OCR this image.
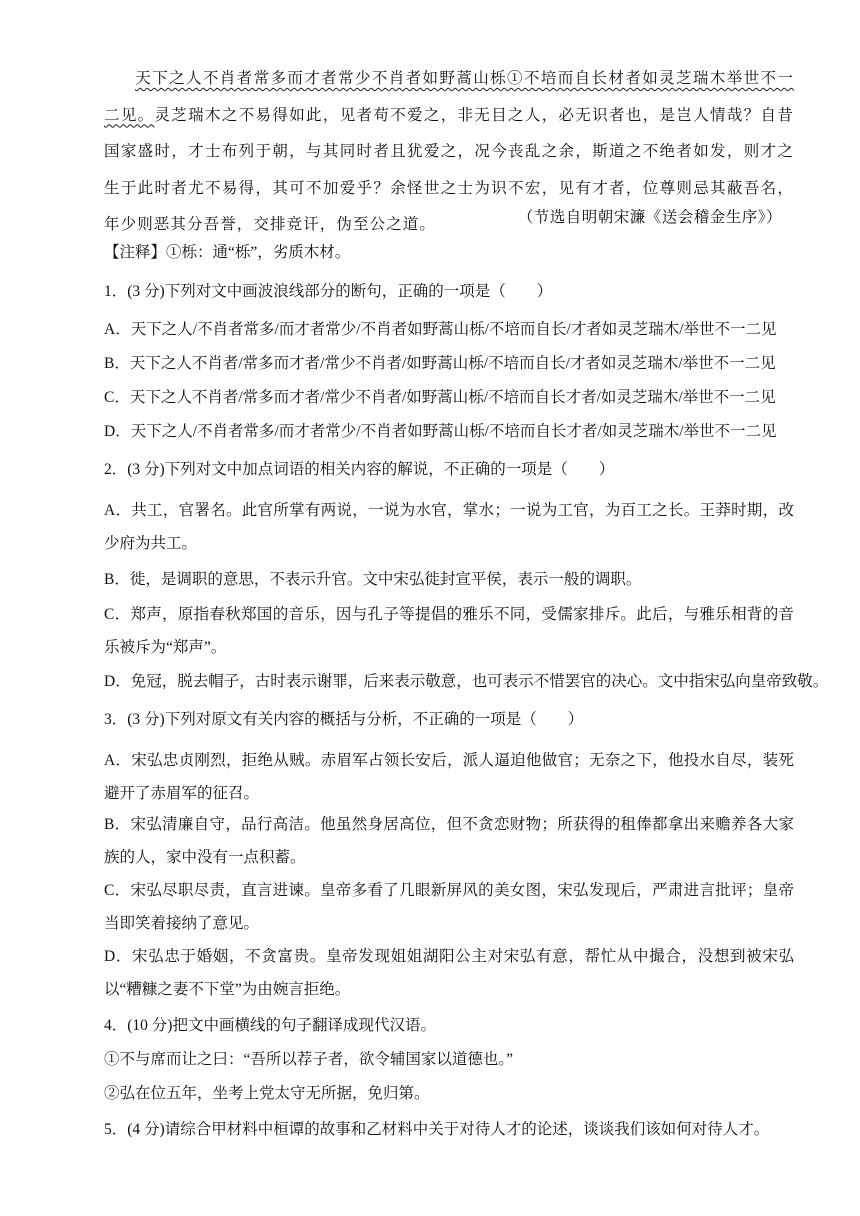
天下之人不肖者常多而才者常少不肖者如野蒿山栎①不培而自长材者如灵芝瑞木举世不一二见。灵芝瑞木之不易得如此，见者苟不爱之，非无目之人，必无识者也，是岂人情哉？自昔国家盛时，才士布列于朝，与其同时者且犹爱之，况今丧乱之余，斯道之不绝者如发，则才之生于此时者尤不易得，其可不加爱乎？余怪世之士为识不宏，见有才者，位尊则忌其蔽吾名，年少则恶其分吾誉，交排竞讦，伪至公之道。	（节选自明朝宋濂《送会稽金生序》）
【注释】①栎：通“栎”，劣质木材。
1．(3 分)下列对文中画波浪线部分的断句，正确的一项是（　　）
A．天下之人/不肖者常多/而才者常少/不肖者如野蒿山栎/不培而自长/才者如灵芝瑞木/举世不一二见
B．天下之人不肖者/常多而才者/常少不肖者/如野蒿山栎/不培而自长/才者如灵芝瑞木/举世不一二见
C．天下之人不肖者/常多而才者/常少不肖者/如野蒿山栎/不培而自长才者/如灵芝瑞木/举世不一二见
D．天下之人/不肖者常多/而才者常少/不肖者如野蒿山栎/不培而自长才者/如灵芝瑞木/举世不一二见
2．(3 分)下列对文中加点词语的相关内容的解说，不正确的一项是（　　）
A．共工，官署名。此官所掌有两说，一说为水官，掌水；一说为工官，为百工之长。王莽时期，改少府为共工。
B．徙，是调职的意思，不表示升官。文中宋弘徙封宣平侯，表示一般的调职。
C．郑声，原指春秋郑国的音乐，因与孔子等提倡的雅乐不同，受儒家排斥。此后，与雅乐相背的音乐被斥为“郑声”。
D．免冠，脱去帽子，古时表示谢罪，后来表示敬意，也可表示不惜罢官的决心。文中指宋弘向皇帝致敬。
3．(3 分)下列对原文有关内容的概括与分析，不正确的一项是（　　）
A．宋弘忠贞刚烈，拒绝从贼。赤眉军占领长安后，派人逼迫他做官；无奈之下，他投水自尽，装死避开了赤眉军的征召。
B．宋弘清廉自守，品行高洁。他虽然身居高位，但不贪恋财物；所获得的租俸都拿出来赡养各大家族的人，家中没有一点积蓄。
C．宋弘尽职尽责，直言进谏。皇帝多看了几眼新屏风的美女图，宋弘发现后，严肃进言批评；皇帝当即笑着接纳了意见。
D．宋弘忠于婚姻，不贪富贵。皇帝发现姐姐湖阳公主对宋弘有意，帮忙从中撮合，没想到被宋弘以“糟糠之妻不下堂”为由婉言拒绝。
4．(10 分)把文中画横线的句子翻译成现代汉语。
①不与席而让之曰：“吾所以荐子者，欲令辅国家以道德也。”
②弘在位五年，坐考上党太守无所据，免归第。
5．(4 分)请综合甲材料中桓谭的故事和乙材料中关于对待人才的论述，谈谈我们该如何对待人才。
